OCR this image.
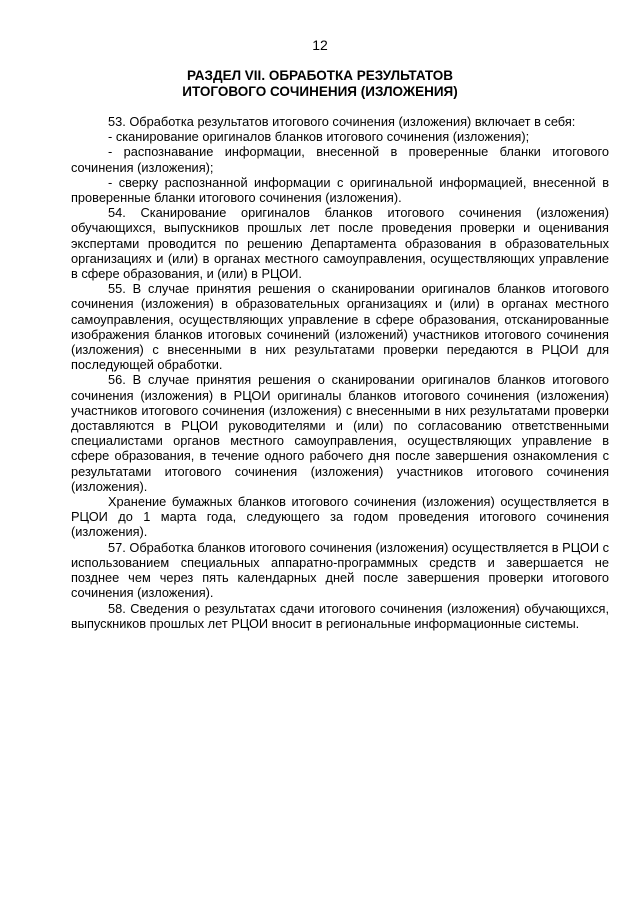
12
РАЗДЕЛ VII. ОБРАБОТКА РЕЗУЛЬТАТОВ
ИТОГОВОГО СОЧИНЕНИЯ (ИЗЛОЖЕНИЯ)

53. Обработка результатов итогового сочинения (изложения) включает в себя:

- сканирование оригиналов бланков итогового сочинения (изложения);

- распознавание информации, внесенной в проверенные бланки итогового сочинения (изложения);

- сверку распознанной информации с оригинальной информацией, внесенной в проверенные бланки итогового сочинения (изложения).

54. Сканирование оригиналов бланков итогового сочинения (изложения) обучающихся, выпускников прошлых лет после проведения проверки и оценивания экспертами проводится по решению Департамента образования в образовательных организациях и (или) в органах местного самоуправления, осуществляющих управление в сфере образования, и (или) в РЦОИ.

55. В случае принятия решения о сканировании оригиналов бланков итогового сочинения (изложения) в образовательных организациях и (или) в органах местного самоуправления, осуществляющих управление в сфере образования, отсканированные изображения бланков итоговых сочинений (изложений) участников итогового сочинения (изложения) с внесенными в них результатами проверки передаются в РЦОИ для последующей обработки.

56. В случае принятия решения о сканировании оригиналов бланков итогового сочинения (изложения) в РЦОИ оригиналы бланков итогового сочинения (изложения) участников итогового сочинения (изложения) с внесенными в них результатами проверки доставляются в РЦОИ руководителями и (или) по согласованию ответственными специалистами органов местного самоуправления, осуществляющих управление в сфере образования, в течение одного рабочего дня после завершения ознакомления с результатами итогового сочинения (изложения) участников итогового сочинения (изложения).

Хранение бумажных бланков итогового сочинения (изложения) осуществляется в РЦОИ до 1 марта года, следующего за годом проведения итогового сочинения (изложения).

57. Обработка бланков итогового сочинения (изложения) осуществляется в РЦОИ с использованием специальных аппаратно-программных средств и завершается не позднее чем через пять календарных дней после завершения проверки итогового сочинения (изложения).

58. Сведения о результатах сдачи итогового сочинения (изложения) обучающихся, выпускников прошлых лет РЦОИ вносит в региональные информационные системы.
